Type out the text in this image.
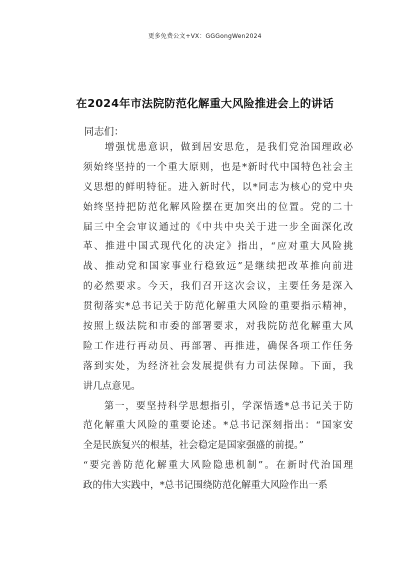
更多免费公文+VX：GGGongWen2024
在2024年市法院防范化解重大风险推进会上的讲话
同志们：
　　增强忧患意识，做到居安思危，是我们党治国理政必
须始终坚持的一个重大原则，也是*新时代中国特色社会主
义思想的鲜明特征。进入新时代，以*同志为核心的党中央
始终坚持把防范化解风险摆在更加突出的位置。党的二十
届三中全会审议通过的《中共中央关于进一步全面深化改
革、推进中国式现代化的决定》指出，“应对重大风险挑
战、推动党和国家事业行稳致远”是继续把改革推向前进
的必然要求。今天，我们召开这次会议，主要任务是深入
贯彻落实*总书记关于防范化解重大风险的重要指示精神，
按照上级法院和市委的部署要求，对我院防范化解重大风
险工作进行再动员、再部署、再推进，确保各项工作任务
落到实处，为经济社会发展提供有力司法保障。下面，我
讲几点意见。
　　第一，要坚持科学思想指引，学深悟透*总书记关于防
范化解重大风险的重要论述。*总书记深刻指出：“国家安
全是民族复兴的根基，社会稳定是国家强盛的前提。”
“要完善防范化解重大风险隐患机制”。在新时代治国理
政的伟大实践中，*总书记围绕防范化解重大风险作出一系
